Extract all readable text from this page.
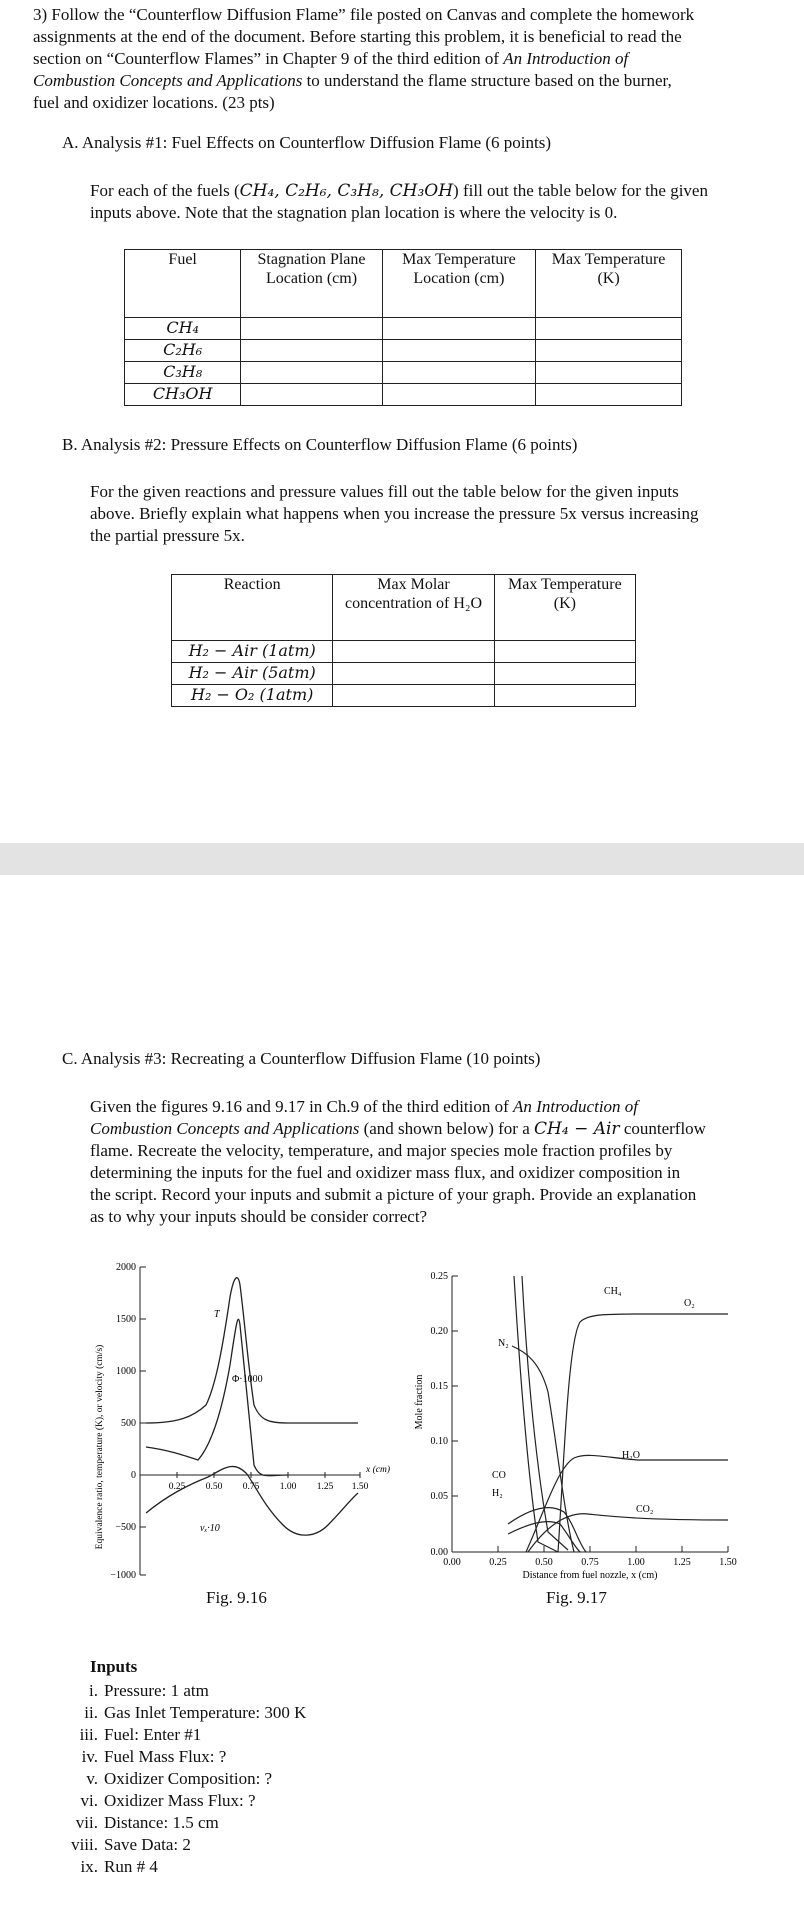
3) Follow the “Counterflow Diffusion Flame” file posted on Canvas and complete the homework

assignments at the end of the document. Before starting this problem, it is beneficial to read the

section on “Counterflow Flames” in Chapter 9 of the third edition of An Introduction of

Combustion Concepts and Applications to understand the flame structure based on the burner,

fuel and oxidizer locations. (23 pts)

A. Analysis #1: Fuel Effects on Counterflow Diffusion Flame (6 points)

For each of the fuels (CH₄, C₂H₆, C₃H₈, CH₃OH) fill out the table below for the given

inputs above. Note that the stagnation plan location is where the velocity is 0.

Fuel	Stagnation Plane Location (cm)	Max Temperature Location (cm)	Max Temperature (K)
CH₄			
C₂H₆			
C₃H₈			
CH₃OH			

B. Analysis #2: Pressure Effects on Counterflow Diffusion Flame (6 points)

For the given reactions and pressure values fill out the table below for the given inputs

above. Briefly explain what happens when you increase the pressure 5x versus increasing

the partial pressure 5x.

Reaction	Max Molar concentration of H₂O	Max Temperature (K)
H₂ − Air (1atm)		
H₂ − Air (5atm)		
H₂ − O₂ (1atm)		

C. Analysis #3: Recreating a Counterflow Diffusion Flame (10 points)

Given the figures 9.16 and 9.17 in Ch.9 of the third edition of An Introduction of

Combustion Concepts and Applications (and shown below) for a CH₄ − Air counterflow

flame. Recreate the velocity, temperature, and major species mole fraction profiles by

determining the inputs for the fuel and oxidizer mass flux, and oxidizer composition in

the script. Record your inputs and submit a picture of your graph. Provide an explanation

as to why your inputs should be consider correct?

Equivalence ratio, temperature (K), or velocity (cm/s)
2000
1500
1000
500
0
−500
−1000
0.25 0.50 0.75 1.00 1.25 1.50
x (cm)
T
Φ·1000
vₓ·10
Fig. 9.16
Mole fraction
0.25
0.20
0.15
0.10
0.05
0.00
0.00	0.25	0.50	0.75	1.00	1.25	1.50
Distance from fuel nozzle, x (cm)
CH₄
O₂
N₂
H₂O
CO
H₂
CO₂
Fig. 9.17
Inputs
i. Pressure: 1 atm
ii. Gas Inlet Temperature: 300 K
iii. Fuel: Enter #1
iv. Fuel Mass Flux: ?
v. Oxidizer Composition: ?
vi. Oxidizer Mass Flux: ?
vii. Distance: 1.5 cm
viii. Save Data: 2
ix. Run # 4
